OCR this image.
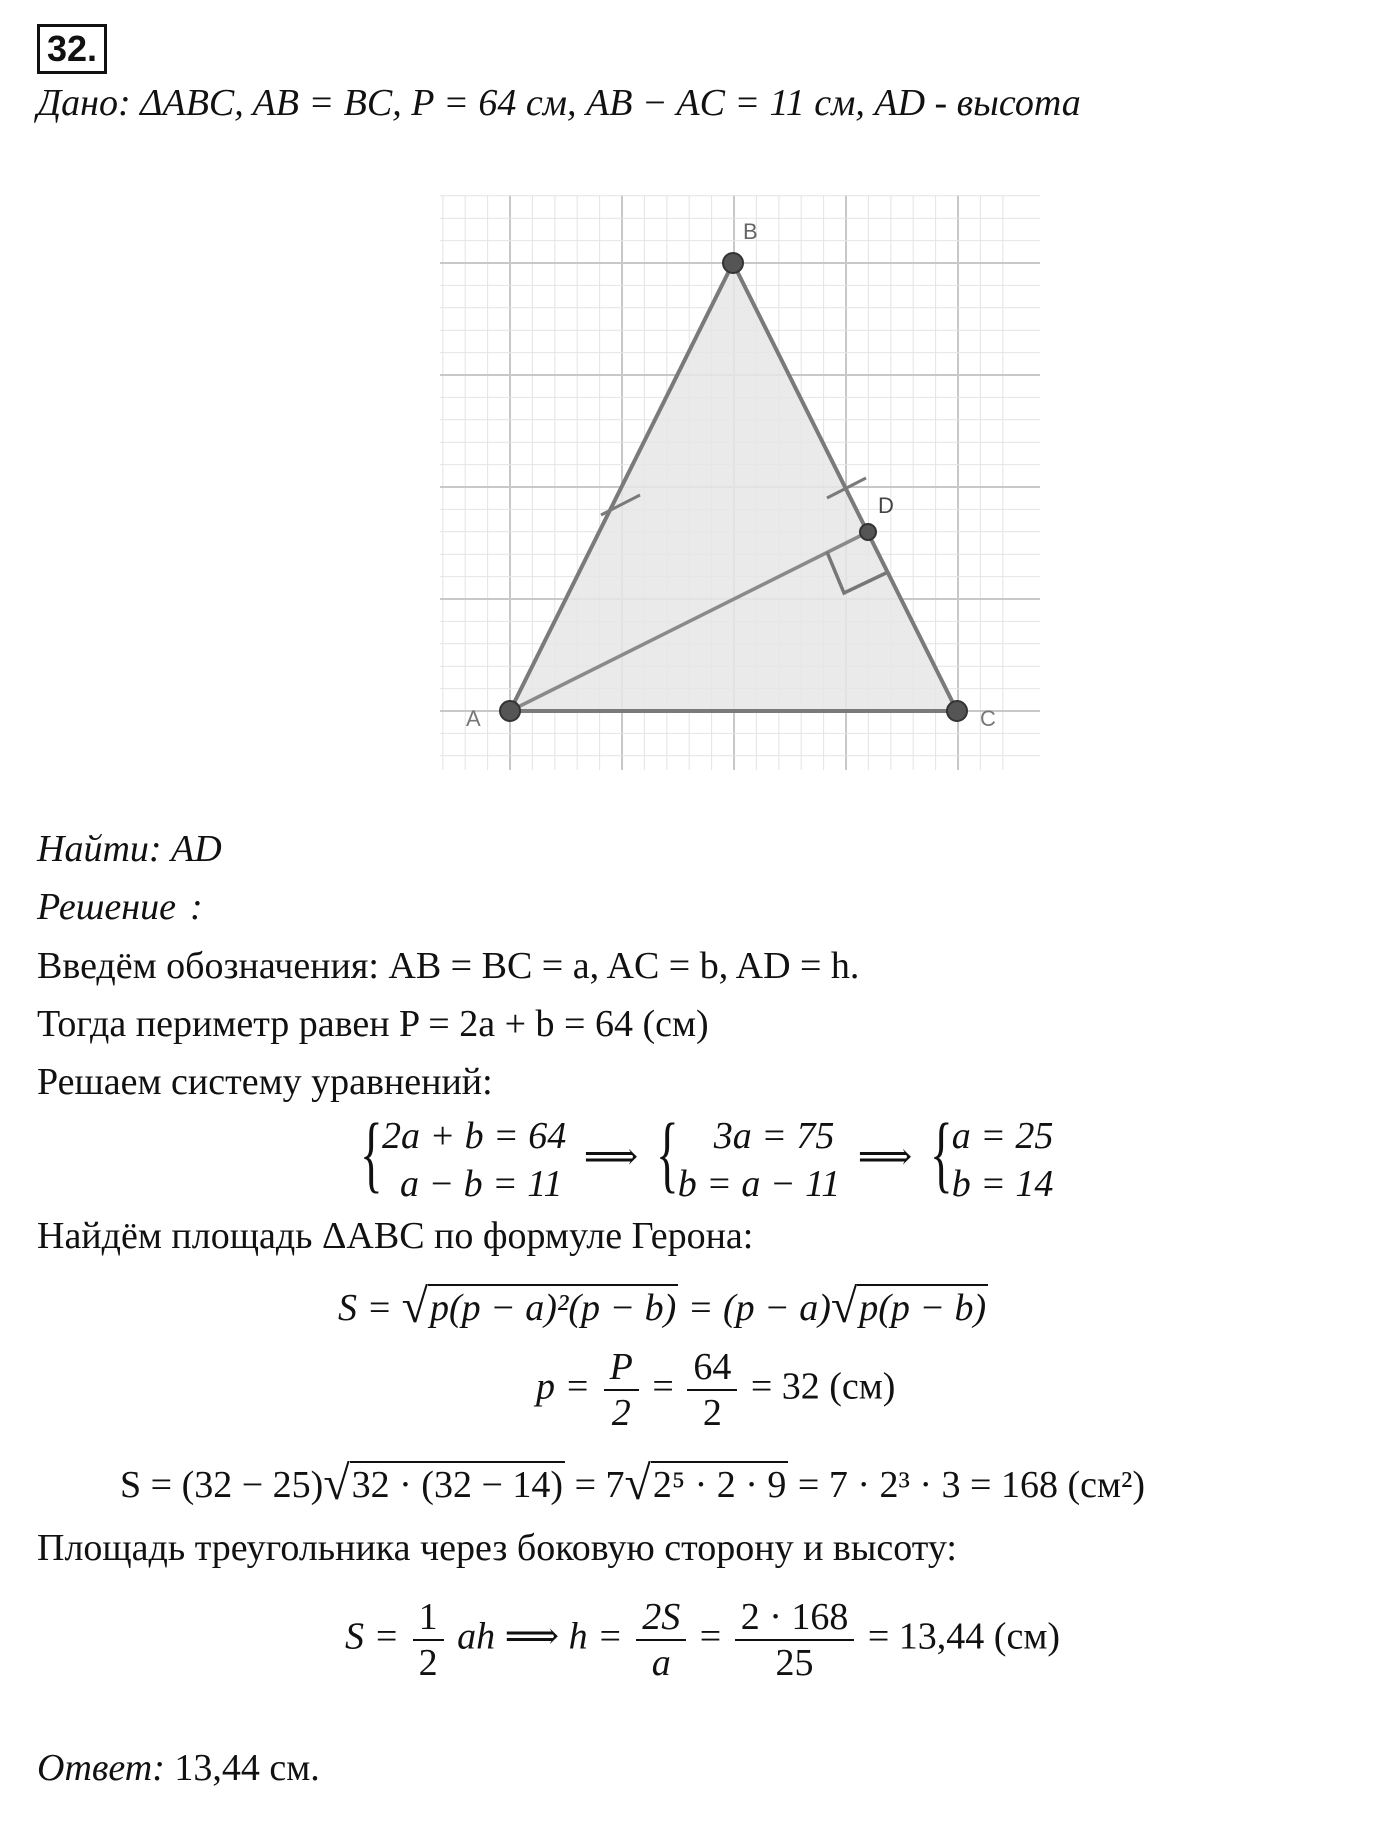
32.
Дано: ΔABC, AB = BC, P = 64 см, AB − AC = 11 см, AD - высота
B
D
A	C
Найти: AD
Решение :
Введём обозначения: AB = BC = a, AC = b, AD = h.
Тогда периметр равен P = 2a + b = 64 (см)
Решаем систему уравнений:
{ 2a + b = 64
a − b = 11
⟹ { 3a = 75
b = a − 11
⟹ { a = 25
b = 14
Найдём площадь ΔABC по формуле Герона:
S = √p(p − a)²(p − b) = (p − a)√p(p − b)
$p = \frac{P}{2} = \frac{64}{2} = 32$ (см)
S = (32 − 25)√32 · (32 − 14) = 7√2⁵ · 2 · 9 = 7 · 2³ · 3 = 168 (см²)
Площадь треугольника через боковую сторону и высоту:
$S = \frac{1}{2}$ ah ⟹ $h = \frac{2S}{a} = \frac{2 \cdot 168}{25} = 13,44$ (см)
Ответ: 13,44 см.
